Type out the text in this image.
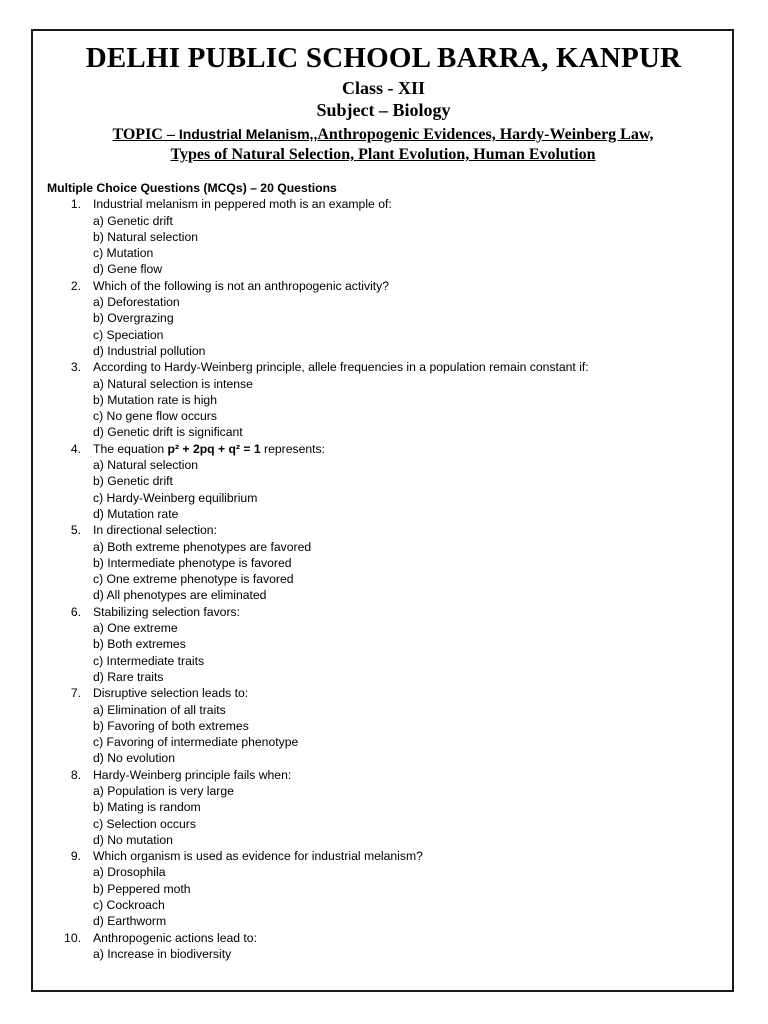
DELHI PUBLIC SCHOOL BARRA, KANPUR
Class - XII
Subject – Biology
TOPIC – Industrial Melanism,,Anthropogenic Evidences, Hardy-Weinberg Law,
Types of Natural Selection, Plant Evolution, Human Evolution
Multiple Choice Questions (MCQs) – 20 Questions
1. Industrial melanism in peppered moth is an example of:
a) Genetic drift
b) Natural selection
c) Mutation
d) Gene flow
2. Which of the following is not an anthropogenic activity?
a) Deforestation
b) Overgrazing
c) Speciation
d) Industrial pollution
3. According to Hardy-Weinberg principle, allele frequencies in a population remain constant if:
a) Natural selection is intense
b) Mutation rate is high
c) No gene flow occurs
d) Genetic drift is significant
4. The equation p² + 2pq + q² = 1 represents:
a) Natural selection
b) Genetic drift
c) Hardy-Weinberg equilibrium
d) Mutation rate
5. In directional selection:
a) Both extreme phenotypes are favored
b) Intermediate phenotype is favored
c) One extreme phenotype is favored
d) All phenotypes are eliminated
6. Stabilizing selection favors:
a) One extreme
b) Both extremes
c) Intermediate traits
d) Rare traits
7. Disruptive selection leads to:
a) Elimination of all traits
b) Favoring of both extremes
c) Favoring of intermediate phenotype
d) No evolution
8. Hardy-Weinberg principle fails when:
a) Population is very large
b) Mating is random
c) Selection occurs
d) No mutation
9. Which organism is used as evidence for industrial melanism?
a) Drosophila
b) Peppered moth
c) Cockroach
d) Earthworm
10. Anthropogenic actions lead to:
a) Increase in biodiversity
